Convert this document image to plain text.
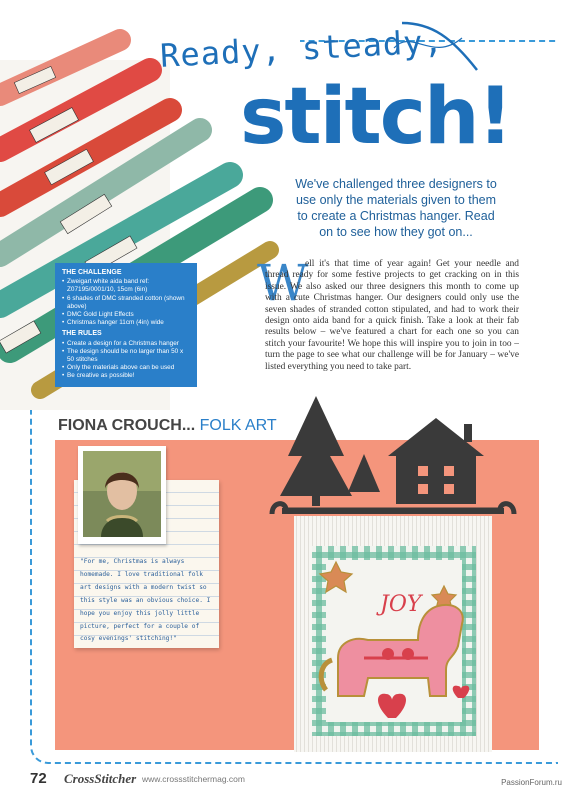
Ready, steady,
stitch!
We've challenged three designers to use only the materials given to them to create a Christmas hanger. Read on to see how they got on...
THE CHALLENGE
• Zweigart white aida band ref: Z07195/0001/10, 15cm (6in)
• 6 shades of DMC stranded cotton (shown above)
• DMC Gold Light Effects
• Christmas hanger 11cm (4in) wide
THE RULES
• Create a design for a Christmas hanger
• The design should be no larger than 50 x 50 stitches
• Only the materials above can be used
• Be creative as possible!
W

ell it's that time of year again! Get your needle and thread ready for some festive projects to get cracking on in this issue. We also asked our three designers this month to come up with a cute Christmas hanger. Our designers could only use the seven shades of stranded cotton stipulated, and had to work their design onto aida band for a quick finish. Take a look at their fab results below – we've featured a chart for each one so you can stitch your favourite! We hope this will inspire you to join in too – turn the page to see what our challenge will be for January – we've listed everything you need to take part.

FIONA CROUCH... FOLK ART
"For me, Christmas is always homemade. I love traditional folk art designs with a modern twist so this style was an obvious choice. I hope you enjoy this jolly little picture, perfect for a couple of cosy evenings' stitching!"
JOY
72 CrossStitcher www.crossstitchermag.com	PassionForum.ru
